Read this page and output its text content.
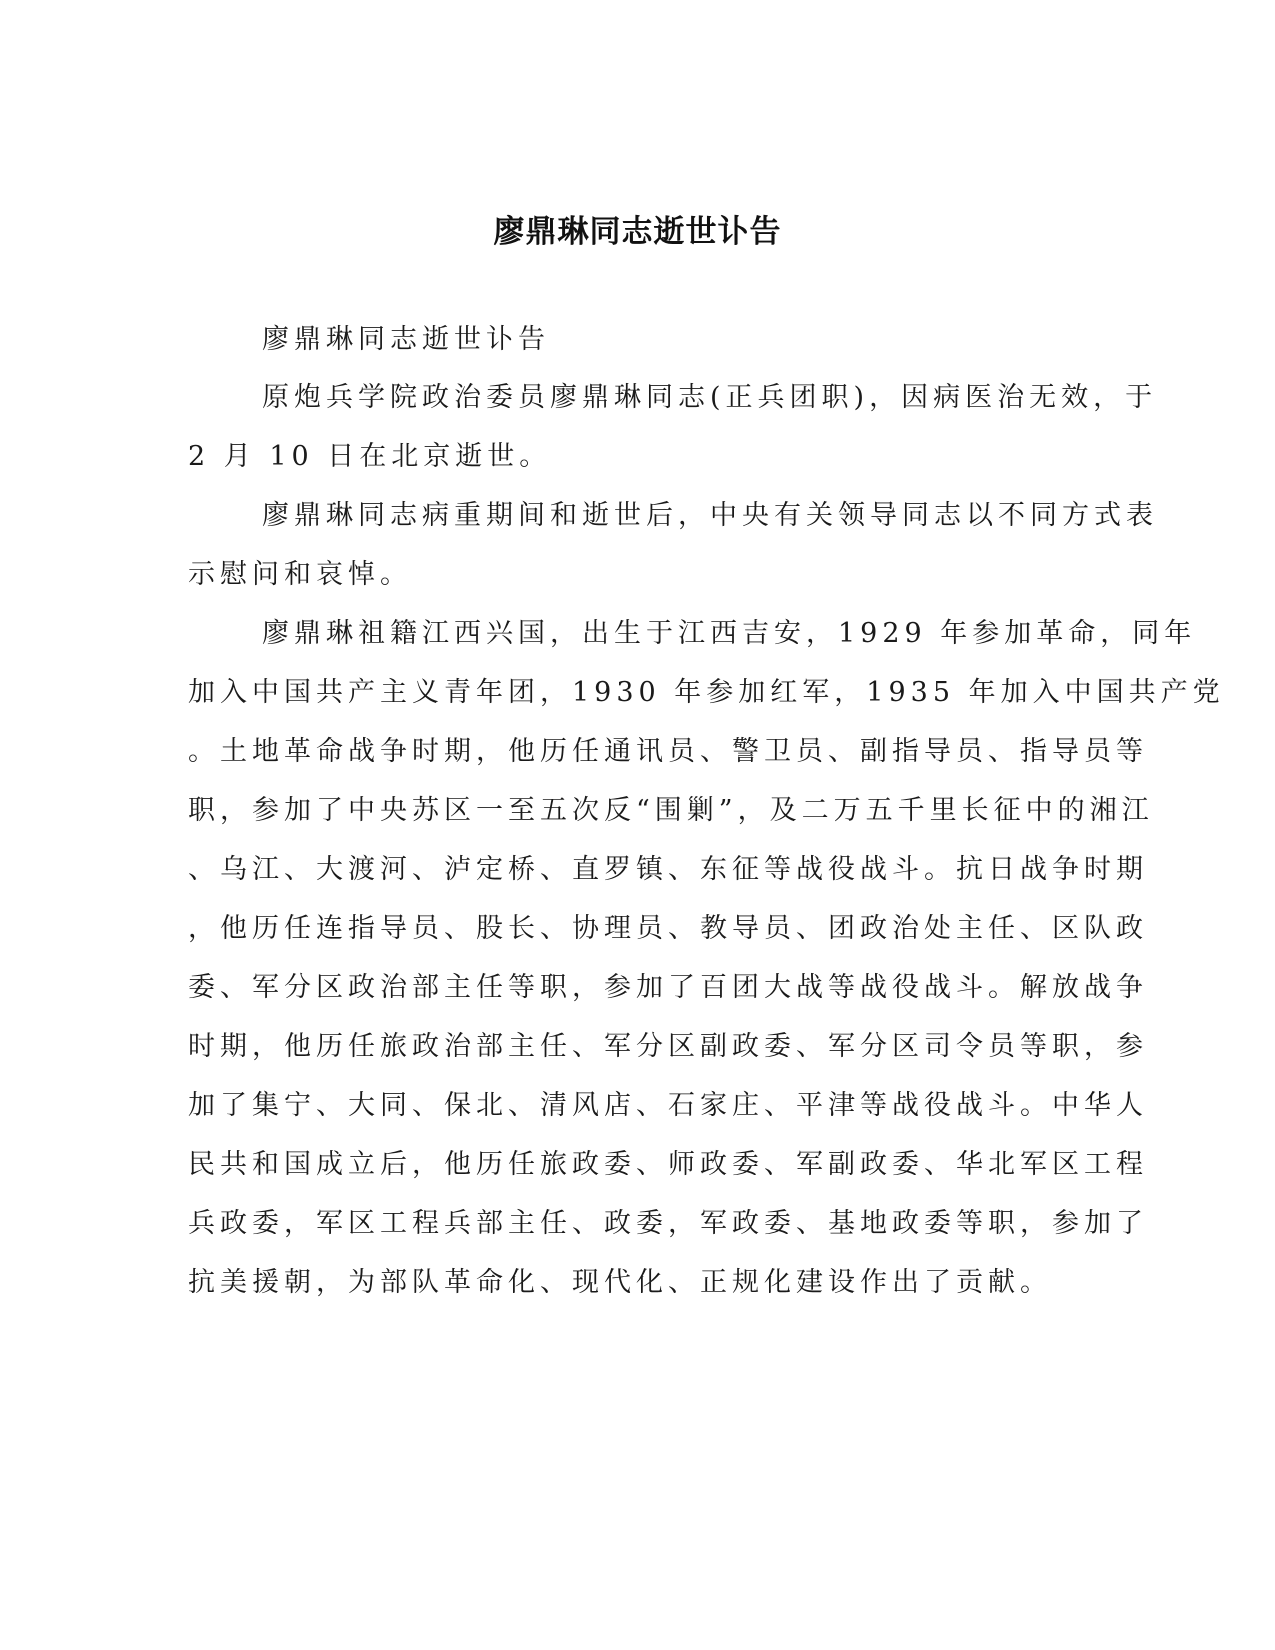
廖鼎琳同志逝世讣告

廖鼎琳同志逝世讣告

原炮兵学院政治委员廖鼎琳同志(正兵团职)，因病医治无效，于

2 月 10 日在北京逝世。

廖鼎琳同志病重期间和逝世后，中央有关领导同志以不同方式表

示慰问和哀悼。

廖鼎琳祖籍江西兴国，出生于江西吉安，1929 年参加革命，同年

加入中国共产主义青年团，1930 年参加红军，1935 年加入中国共产党

。土地革命战争时期，他历任通讯员、警卫员、副指导员、指导员等

职，参加了中央苏区一至五次反“围剿”，及二万五千里长征中的湘江

、乌江、大渡河、泸定桥、直罗镇、东征等战役战斗。抗日战争时期

，他历任连指导员、股长、协理员、教导员、团政治处主任、区队政

委、军分区政治部主任等职，参加了百团大战等战役战斗。解放战争

时期，他历任旅政治部主任、军分区副政委、军分区司令员等职，参

加了集宁、大同、保北、清风店、石家庄、平津等战役战斗。中华人

民共和国成立后，他历任旅政委、师政委、军副政委、华北军区工程

兵政委，军区工程兵部主任、政委，军政委、基地政委等职，参加了

抗美援朝，为部队革命化、现代化、正规化建设作出了贡献。
